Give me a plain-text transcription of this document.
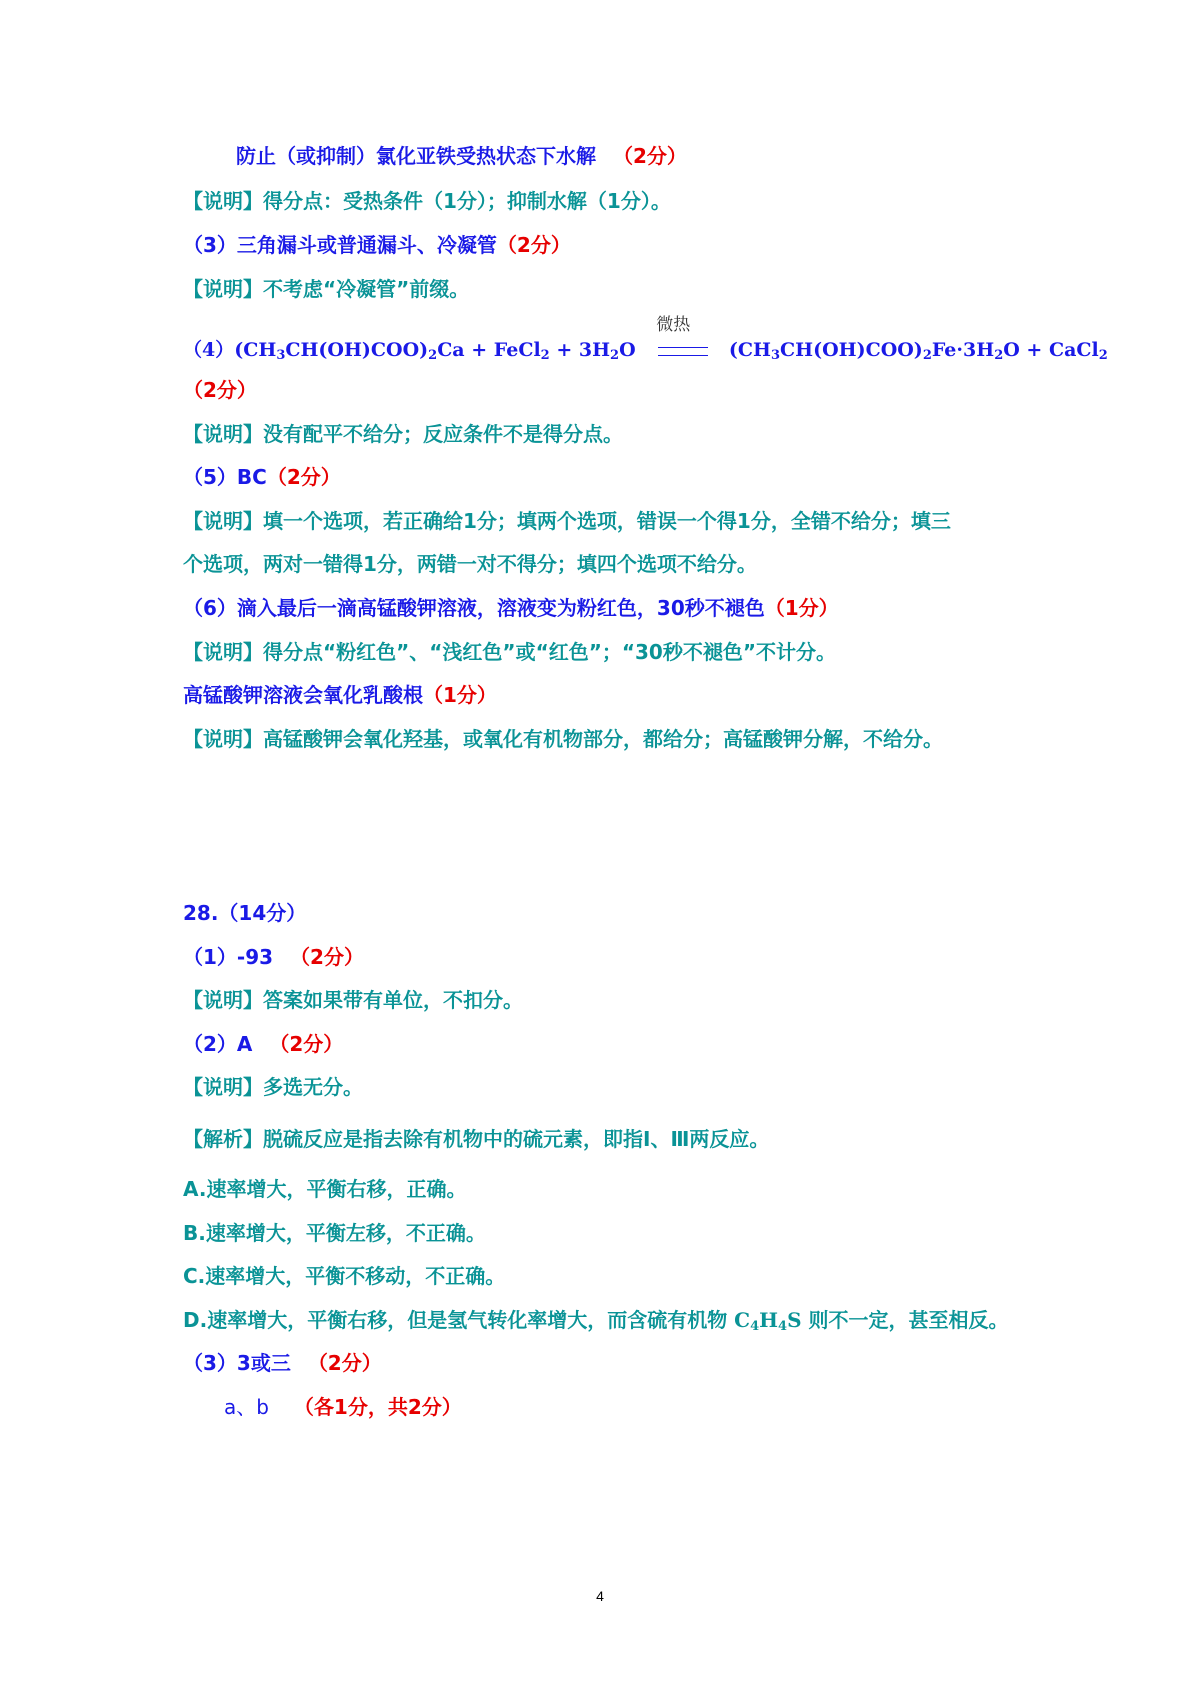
防止（或抑制）氯化亚铁受热状态下水解 （2分）
【说明】得分点：受热条件（1分）；抑制水解（1分）。
（3）三角漏斗或普通漏斗、冷凝管（2分）
【说明】不考虑“冷凝管”前缀。
$(4)(CH_3CH(OH)COO)_2Ca$ + FeCl$_2$ + $3H_2O$
微热
$(CH_3CH(OH)COO)_2Fe\cdot 3H_2O$ + CaCl$_2$
（2分）
【说明】没有配平不给分；反应条件不是得分点。
（5）BC（2分）
【说明】填一个选项，若正确给1分；填两个选项，错误一个得1分，全错不给分；填三
个选项，两对一错得1分，两错一对不得分；填四个选项不给分。
（6）滴入最后一滴高锰酸钾溶液，溶液变为粉红色，30秒不褪色（1分）
【说明】得分点“粉红色”、“浅红色”或“红色”；“30秒不褪色”不计分。
高锰酸钾溶液会氧化乳酸根（1分）
【说明】高锰酸钾会氧化羟基，或氧化有机物部分，都给分；高锰酸钾分解，不给分。
28.（14分）
（1）-93 （2分）
【说明】答案如果带有单位，不扣分。
（2）A （2分）
【说明】多选无分。
【解析】脱硫反应是指去除有机物中的硫元素，即指Ⅰ、Ⅲ两反应。
A.速率增大，平衡右移，正确。
B.速率增大，平衡左移，不正确。
C.速率增大，平衡不移动，不正确。
D.速率增大，平衡右移，但是氢气转化率增大，而含硫有机物 $C_4H_4S$ 则不一定，甚至相反。
（3）3或三 （2分）
a、b （各1分，共2分）
4
